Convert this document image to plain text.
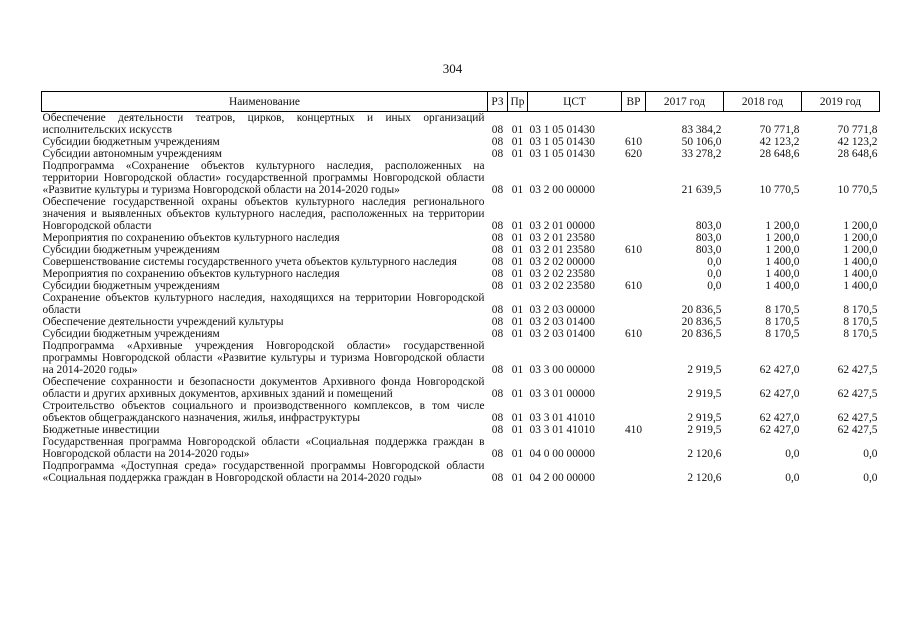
304
Наименование	РЗ	Пр	ЦСТ	ВР	2017 год	2018 год	2019 год
Обеспечение деятельности театров, цирков, концертных и иных организаций исполнительских искусств	08	01	03 1 05 01430		83 384,2	70 771,8	70 771,8
Субсидии бюджетным учреждениям	08	01	03 1 05 01430	610	50 106,0	42 123,2	42 123,2
Субсидии автономным учреждениям	08	01	03 1 05 01430	620	33 278,2	28 648,6	28 648,6
Подпрограмма «Сохранение объектов культурного наследия, расположенных на территории Новгородской области» государственной программы Новгородской области «Развитие культуры и туризма Новгородской области на 2014-2020 годы»	08	01	03 2 00 00000		21 639,5	10 770,5	10 770,5
Обеспечение государственной охраны объектов культурного наследия регионального значения и выявленных объектов культурного наследия, расположенных на территории Новгородской области	08	01	03 2 01 00000		803,0	1 200,0	1 200,0
Мероприятия по сохранению объектов культурного наследия	08	01	03 2 01 23580		803,0	1 200,0	1 200,0
Субсидии бюджетным учреждениям	08	01	03 2 01 23580	610	803,0	1 200,0	1 200,0
Совершенствование системы государственного учета объектов культурного наследия	08	01	03 2 02 00000		0,0	1 400,0	1 400,0
Мероприятия по сохранению объектов культурного наследия	08	01	03 2 02 23580		0,0	1 400,0	1 400,0
Субсидии бюджетным учреждениям	08	01	03 2 02 23580	610	0,0	1 400,0	1 400,0
Сохранение объектов культурного наследия, находящихся на территории Новгородской области	08	01	03 2 03 00000		20 836,5	8 170,5	8 170,5
Обеспечение деятельности учреждений культуры	08	01	03 2 03 01400		20 836,5	8 170,5	8 170,5
Субсидии бюджетным учреждениям	08	01	03 2 03 01400	610	20 836,5	8 170,5	8 170,5
Подпрограмма «Архивные учреждения Новгородской области» государственной программы Новгородской области «Развитие культуры и туризма Новгородской области на 2014-2020 годы»	08	01	03 3 00 00000		2 919,5	62 427,0	62 427,5
Обеспечение сохранности и безопасности документов Архивного фонда Новгородской области и других архивных документов, архивных зданий и помещений	08	01	03 3 01 00000		2 919,5	62 427,0	62 427,5
Строительство объектов социального и производственного комплексов, в том числе объектов общегражданского назначения, жилья, инфраструктуры	08	01	03 3 01 41010		2 919,5	62 427,0	62 427,5
Бюджетные инвестиции	08	01	03 3 01 41010	410	2 919,5	62 427,0	62 427,5
Государственная программа Новгородской области «Социальная поддержка граждан в Новгородской области на 2014-2020 годы»	08	01	04 0 00 00000		2 120,6	0,0	0,0
Подпрограмма «Доступная среда» государственной программы Новгородской области «Социальная поддержка граждан в Новгородской области на 2014-2020 годы»	08	01	04 2 00 00000		2 120,6	0,0	0,0
